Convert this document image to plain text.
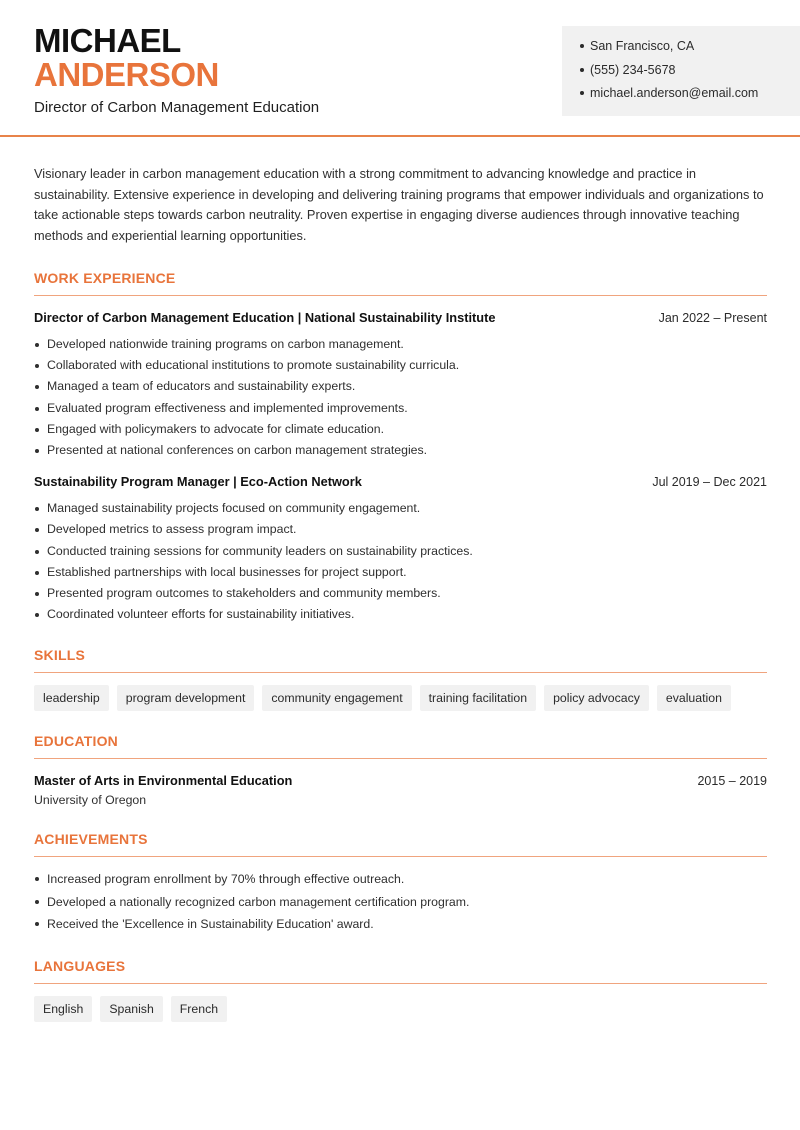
MICHAEL
ANDERSON
Director of Carbon Management Education
San Francisco, CA
(555) 234-5678
michael.anderson@email.com

Visionary leader in carbon management education with a strong commitment to advancing knowledge and practice in sustainability. Extensive experience in developing and delivering training programs that empower individuals and organizations to take actionable steps towards carbon neutrality. Proven expertise in engaging diverse audiences through innovative teaching methods and experiential learning opportunities.

WORK EXPERIENCE
Director of Carbon Management Education | National Sustainability Institute	Jan 2022 – Present
Developed nationwide training programs on carbon management.
Collaborated with educational institutions to promote sustainability curricula.
Managed a team of educators and sustainability experts.
Evaluated program effectiveness and implemented improvements.
Engaged with policymakers to advocate for climate education.
Presented at national conferences on carbon management strategies.
Sustainability Program Manager | Eco-Action Network	Jul 2019 – Dec 2021
Managed sustainability projects focused on community engagement.
Developed metrics to assess program impact.
Conducted training sessions for community leaders on sustainability practices.
Established partnerships with local businesses for project support.
Presented program outcomes to stakeholders and community members.
Coordinated volunteer efforts for sustainability initiatives.
SKILLS
leadership	program development	community engagement	training facilitation	policy advocacy	evaluation
EDUCATION
Master of Arts in Environmental Education	2015 – 2019
University of Oregon
ACHIEVEMENTS
Increased program enrollment by 70% through effective outreach.
Developed a nationally recognized carbon management certification program.
Received the 'Excellence in Sustainability Education' award.
LANGUAGES
English	Spanish	French
